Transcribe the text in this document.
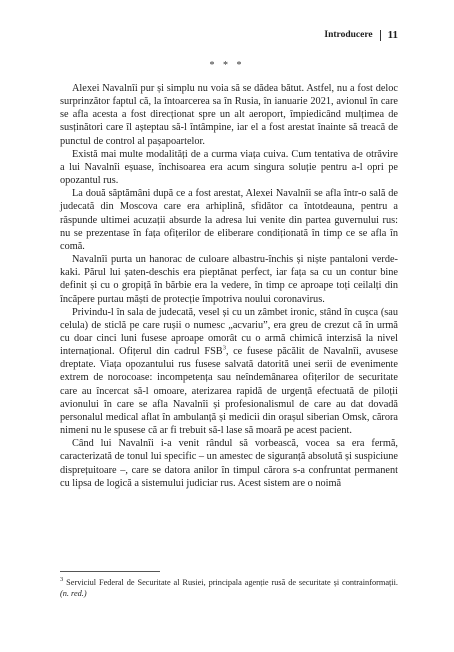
Introducere 11
* * *

Alexei Navalnîi pur și simplu nu voia să se dădea bătut. Astfel, nu a fost deloc surprinzător faptul că, la întoarcerea sa în Rusia, în ianuarie 2021, avionul în care se afla acesta a fost direcționat spre un alt aeroport, împiedicând mulțimea de susținători care îl așteptau să-l întâmpine, iar el a fost arestat înainte să treacă de punctul de control al pașapoartelor.

Există mai multe modalități de a curma viața cuiva. Cum tentativa de otrăvire a lui Navalnîi eșuase, închisoarea era acum singura soluție pentru a-l opri pe opozantul rus.

La două săptămâni după ce a fost arestat, Alexei Navalnîi se afla într-o sală de judecată din Moscova care era arhiplină, sfidător ca întotdeauna, pentru a răspunde ultimei acuzații absurde la adresa lui venite din partea guvernului rus: nu se prezentase în fața ofițerilor de eliberare condiționată în timp ce se afla în comă.

Navalnîi purta un hanorac de culoare albastru-închis și niște pantaloni verde-kaki. Părul lui șaten-deschis era pieptănat perfect, iar fața sa cu un contur bine definit și cu o gropiță în bărbie era la vedere, în timp ce aproape toți ceilalți din încăpere purtau măști de protecție împotriva noului coronavirus.

Privindu-l în sala de judecată, vesel și cu un zâmbet ironic, stând în cușca (sau celula) de sticlă pe care rușii o numesc „acvariu”, era greu de crezut că în urmă cu doar cinci luni fusese aproape omorât cu o armă chimică interzisă la nivel internațional. Ofițerul din cadrul FSB$^3$, ce fusese păcălit de Navalnîi, avusese dreptate. Viața opozantului rus fusese salvată datorită unei serii de evenimente extrem de norocoase: incompetența sau neîndemânarea ofițerilor de securitate care au încercat să-l omoare, aterizarea rapidă de urgență efectuată de piloții avionului în care se afla Navalnîi și profesionalismul de care au dat dovadă personalul medical aflat în ambulanță și medicii din orașul siberian Omsk, cărora nimeni nu le spusese că ar fi trebuit să-l lase să moară pe acest pacient.

Când lui Navalnîi i-a venit rândul să vorbească, vocea sa era fermă, caracterizată de tonul lui specific – un amestec de siguranță absolută și suspiciune disprețuitoare –, care se datora anilor în timpul cărora s-a confruntat permanent cu lipsa de logică a sistemului judiciar rus. Acest sistem are o noimă

$^3$ Serviciul Federal de Securitate al Rusiei, principala agenție rusă de securitate și contrainformații. (n. red.)
